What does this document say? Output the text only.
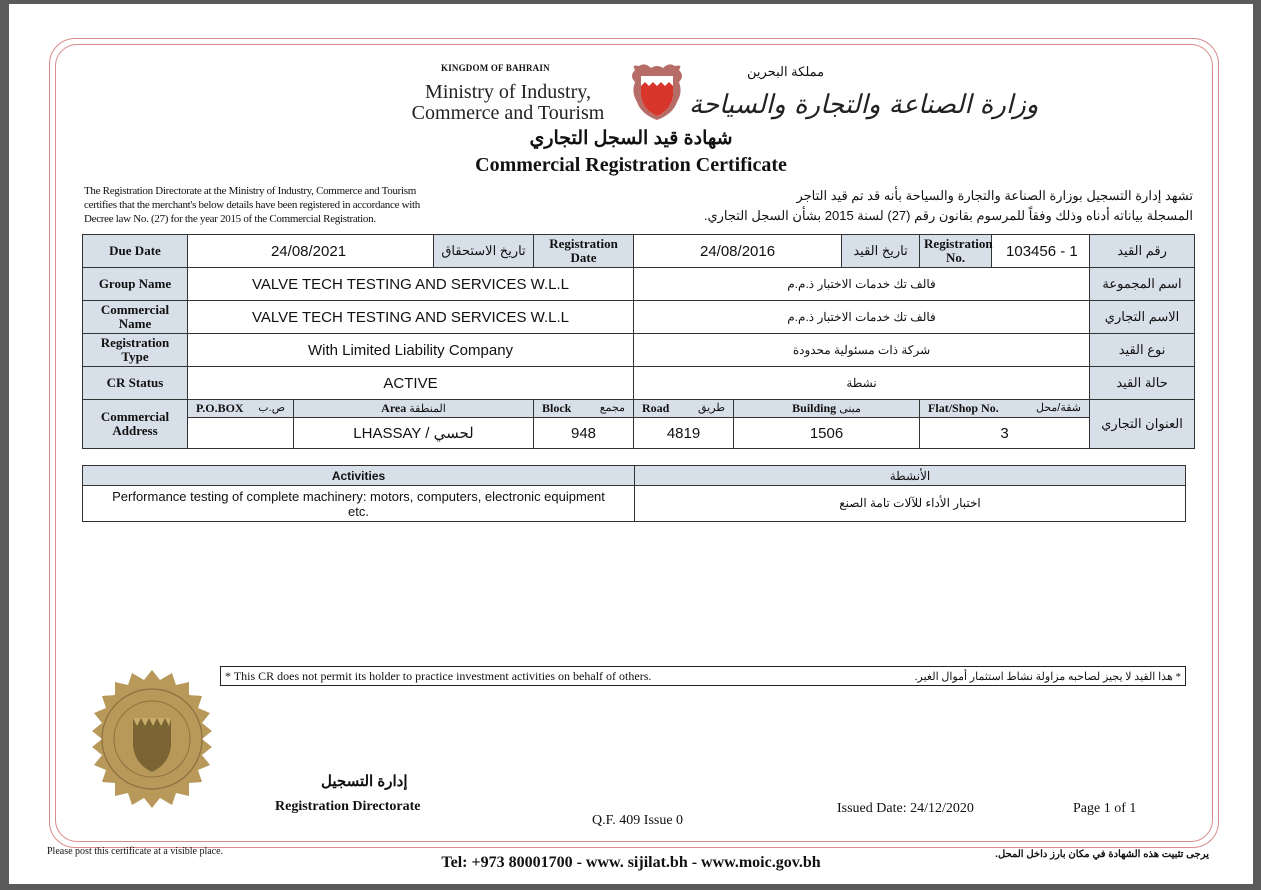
KINGDOM OF BAHRAIN
Ministry of Industry,
Commerce and Tourism
مملكة البحرين
وزارة الصناعة والتجارة والسياحة
شهادة قيد السجل التجاري
Commercial Registration Certificate
The Registration Directorate at the Ministry of Industry, Commerce and Tourism
certifies that the merchant's below details have been registered in accordance with
Decree law No. (27) for the year 2015 of the Commercial Registration.
تشهد إدارة التسجيل بوزارة الصناعة والتجارة والسياحة بأنه قد تم قيد التاجر
المسجلة بياناته أدناه وذلك وفقاً للمرسوم بقانون رقم (27) لسنة 2015 بشأن السجل التجاري.
Due Date	24/08/2021		تاريخ الاستحقاق	Registration Date	24/08/2016		تاريخ القيد	Registration No.	103456 - 1	رقم القيد
Group Name	VALVE TECH TESTING AND SERVICES W.L.L				فالف تك خدمات الاختبار ذ.م.م					اسم المجموعة
Commercial Name	VALVE TECH TESTING AND SERVICES W.L.L				فالف تك خدمات الاختبار ذ.م.م					الاسم التجاري
Registration Type	With Limited Liability Company				شركة ذات مسئولية محدودة					نوع القيد
CR Status	ACTIVE				نشطة					حالة القيد
Commercial Address	P.O.BOX ص.ب	Area المنطقة		Block مجمع	Road طريق	Building مبنى		Flat/Shop No. شقة/محل		العنوان التجاري
		LHASSAY / لحسي		948	4819	1506		3		
Activities	الأنشطة
Performance testing of complete machinery: motors, computers, electronic equipment etc.	اختبار الأداء للآلات تامة الصنع
* This CR does not permit its holder to practice investment activities on behalf of others.	* هذا القيد لا يجيز لصاحبه مزاولة نشاط استثمار أموال الغير.
إدارة التسجيل
Registration Directorate
Q.F. 409 Issue 0
Issued Date: 24/12/2020	Page 1 of 1
Please post this certificate at a visible place.
Tel: +973 80001700 - www. sijilat.bh - www.moic.gov.bh	يرجى تثبيت هذه الشهادة في مكان بارز داخل المحل.
